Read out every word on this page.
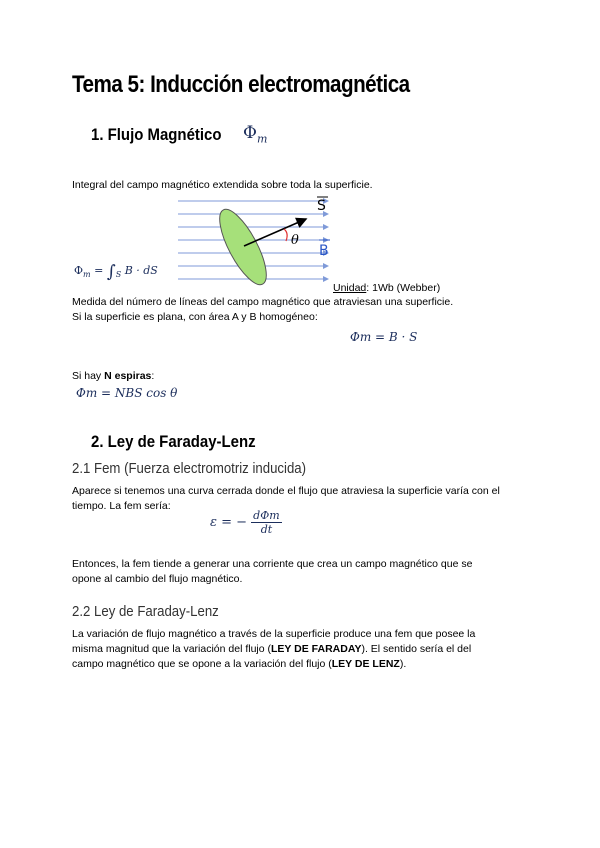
Tema 5: Inducción electromagnética
1. Flujo Magnético $\Phi_m$
Integral del campo magnético extendida sobre toda la superficie.
S
θ
B
$\Phi_m = \int_S$ B · dS
Unidad: 1Wb (Webber)
Medida del número de líneas del campo magnético que atraviesan una superficie.
Si la superficie es plana, con área A y B homogéneo:
Φm = B · S
Si hay N espiras:
Φm = NBS cos θ
2. Ley de Faraday-Lenz
2.1 Fem (Fuerza electromotriz inducida)
Aparece si tenemos una curva cerrada donde el flujo que atraviesa la superficie varía con el
tiempo. La fem sería:
ε = − dΦm
dt
Entonces, la fem tiende a generar una corriente que crea un campo magnético que se
opone al cambio del flujo magnético.
2.2 Ley de Faraday-Lenz
La variación de flujo magnético a través de la superficie produce una fem que posee la
misma magnitud que la variación del flujo (LEY DE FARADAY). El sentido sería el del
campo magnético que se opone a la variación del flujo (LEY DE LENZ).
